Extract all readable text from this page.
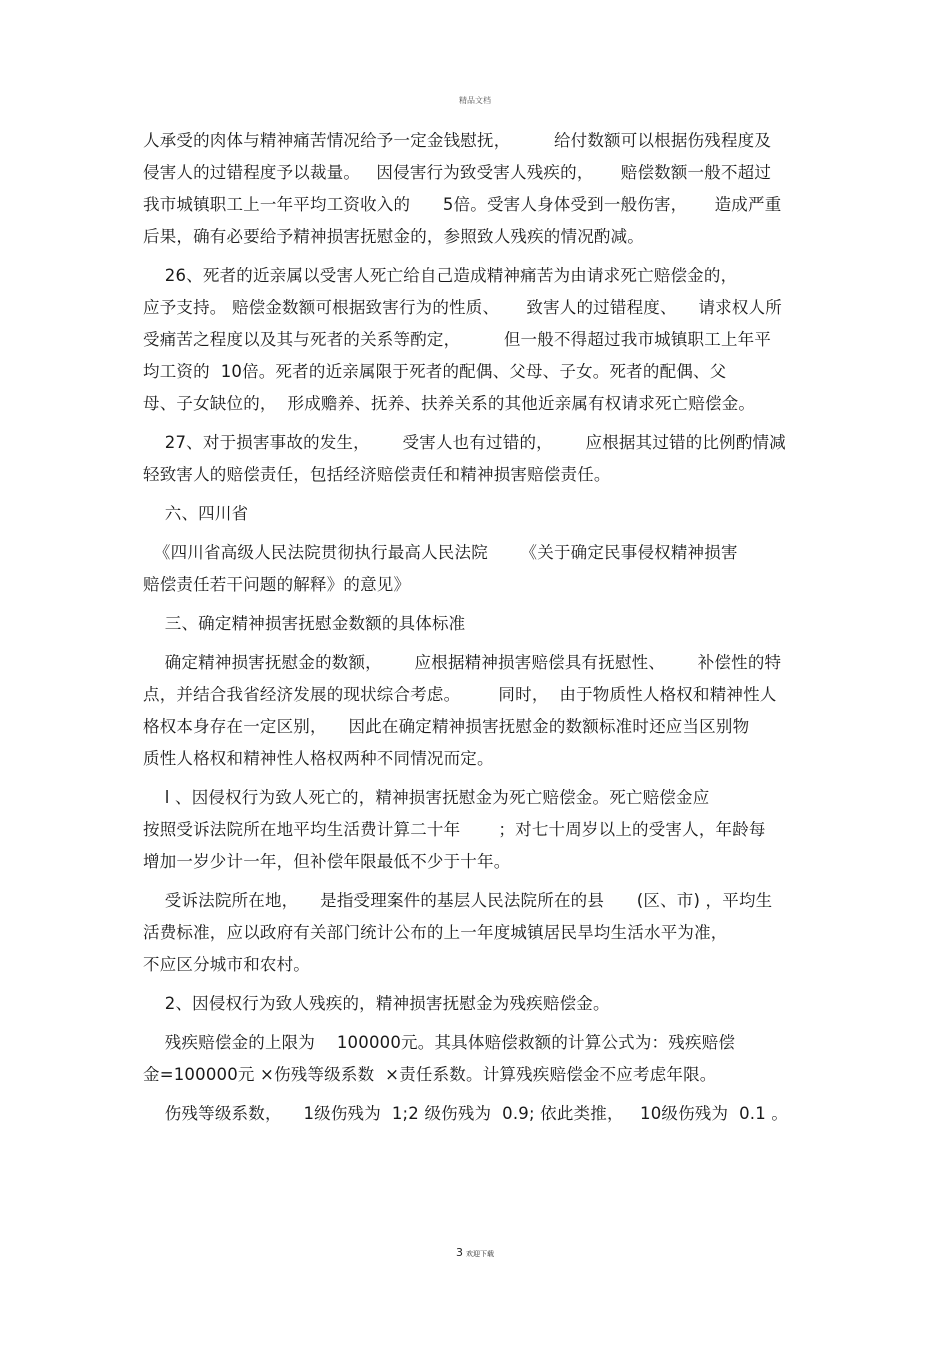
精品文档
人承受的肉体与精神痛苦情况给予一定金钱慰抚，        给付数额可以根据伤残程度及
侵害人的过错程度予以裁量。   因侵害行为致受害人残疾的，     赔偿数额一般不超过
我市城镇职工上一年平均工资收入的      5倍。受害人身体受到一般伤害，     造成严重
后果，确有必要给予精神损害抚慰金的，参照致人残疾的情况酌减。
26、死者的近亲属以受害人死亡给自己造成精神痛苦为由请求死亡赔偿金的，
应予支持。 赔偿金数额可根据致害行为的性质、     致害人的过错程度、    请求权人所
受痛苦之程度以及其与死者的关系等酌定，        但一般不得超过我市城镇职工上年平
均工资的  10倍。死者的近亲属限于死者的配偶、父母、子女。死者的配偶、父
母、子女缺位的，  形成赡养、抚养、扶养关系的其他近亲属有权请求死亡赔偿金。
27、对于损害事故的发生，      受害人也有过错的，      应根据其过错的比例酌情减
轻致害人的赔偿责任，包括经济赔偿责任和精神损害赔偿责任。
六、四川省
《四川省高级人民法院贯彻执行最高人民法院      《关于确定民事侵权精神损害
赔偿责任若干问题的解释》的意见》
三、确定精神损害抚慰金数额的具体标准
确定精神损害抚慰金的数额，      应根据精神损害赔偿具有抚慰性、      补偿性的特
点，并结合我省经济发展的现状综合考虑。       同时，  由于物质性人格权和精神性人
格权本身存在一定区别，    因此在确定精神损害抚慰金的数额标准时还应当区别物
质性人格权和精神性人格权两种不同情况而定。
l 、因侵权行为致人死亡的，精神损害抚慰金为死亡赔偿金。死亡赔偿金应
按照受诉法院所在地平均生活费计算二十年       ；对七十周岁以上的受害人，年龄每
增加一岁少计一年，但补偿年限最低不少于十年。
受诉法院所在地，    是指受理案件的基层人民法院所在的县      (区、市) ，平均生
活费标准，应以政府有关部门统计公布的上一年度城镇居民旱均生活水平为准，
不应区分城市和农村。
2、因侵权行为致人残疾的，精神损害抚慰金为残疾赔偿金。
残疾赔偿金的上限为    100000元。其具体赔偿救额的计算公式为：残疾赔偿
金=100000元 ×伤残等级系数  ×责任系数。计算残疾赔偿金不应考虑年限。
伤残等级系数，    1级伤残为  1;2 级伤残为  0.9; 依此类推，   10级伤残为  0.1 。
3 欢迎下载
